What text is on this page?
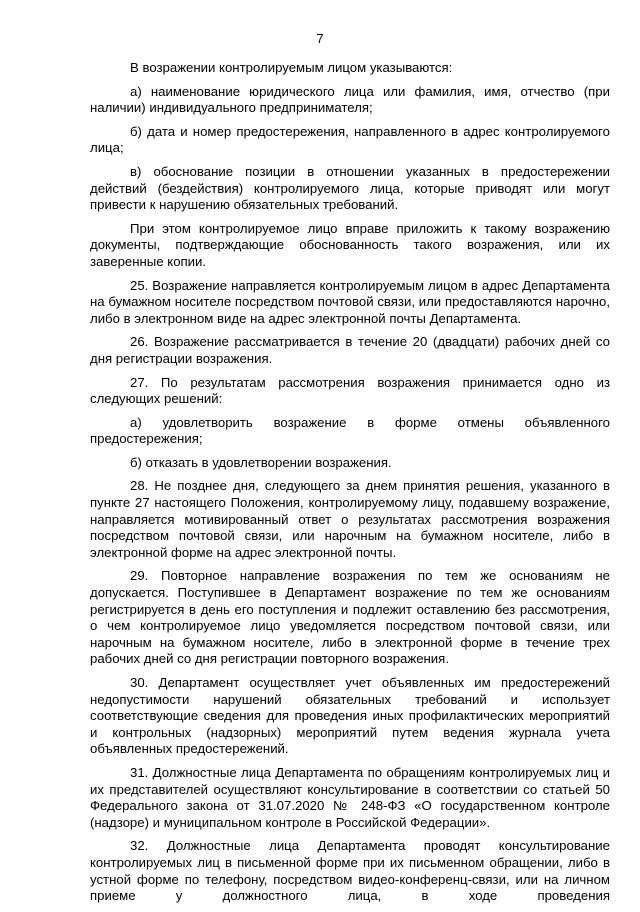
7

В возражении контролируемым лицом указываются:

а) наименование юридического лица или фамилия, имя, отчество (при наличии) индивидуального предпринимателя;

б) дата и номер предостережения, направленного в адрес контролируемого лица;

в) обоснование позиции в отношении указанных в предостережении действий (бездействия) контролируемого лица, которые приводят или могут привести к нарушению обязательных требований.

При этом контролируемое лицо вправе приложить к такому возражению документы, подтверждающие обоснованность такого возражения, или их заверенные копии.

25. Возражение направляется контролируемым лицом в адрес Департамента на бумажном носителе посредством почтовой связи, или предоставляются нарочно, либо в электронном виде на адрес электронной почты Департамента.

26. Возражение рассматривается в течение 20 (двадцати) рабочих дней со дня регистрации возражения.

27. По результатам рассмотрения возражения принимается одно из следующих решений:

а) удовлетворить возражение в форме отмены объявленного предостережения;

б) отказать в удовлетворении возражения.

28. Не позднее дня, следующего за днем принятия решения, указанного в пункте 27 настоящего Положения, контролируемому лицу, подавшему возражение, направляется мотивированный ответ о результатах рассмотрения возражения посредством почтовой связи, или нарочным на бумажном носителе, либо в электронной форме на адрес электронной почты.

29. Повторное направление возражения по тем же основаниям не допускается. Поступившее в Департамент возражение по тем же основаниям регистрируется в день его поступления и подлежит оставлению без рассмотрения, о чем контролируемое лицо уведомляется посредством почтовой связи, или нарочным на бумажном носителе, либо в электронной форме в течение трех рабочих дней со дня регистрации повторного возражения.

30. Департамент осуществляет учет объявленных им предостережений недопустимости нарушений обязательных требований и использует соответствующие сведения для проведения иных профилактических мероприятий и контрольных (надзорных) мероприятий путем ведения журнала учета объявленных предостережений.

31. Должностные лица Департамента по обращениям контролируемых лиц и их представителей осуществляют консультирование в соответствии со статьей 50 Федерального закона от 31.07.2020 № 248-ФЗ «О государственном контроле (надзоре) и муниципальном контроле в Российской Федерации».

32. Должностные лица Департамента проводят консультирование контролируемых лиц в письменной форме при их письменном обращении, либо в устной форме по телефону, посредством видео-конференц-связи, или на личном приеме у должностного лица, в ходе проведения
